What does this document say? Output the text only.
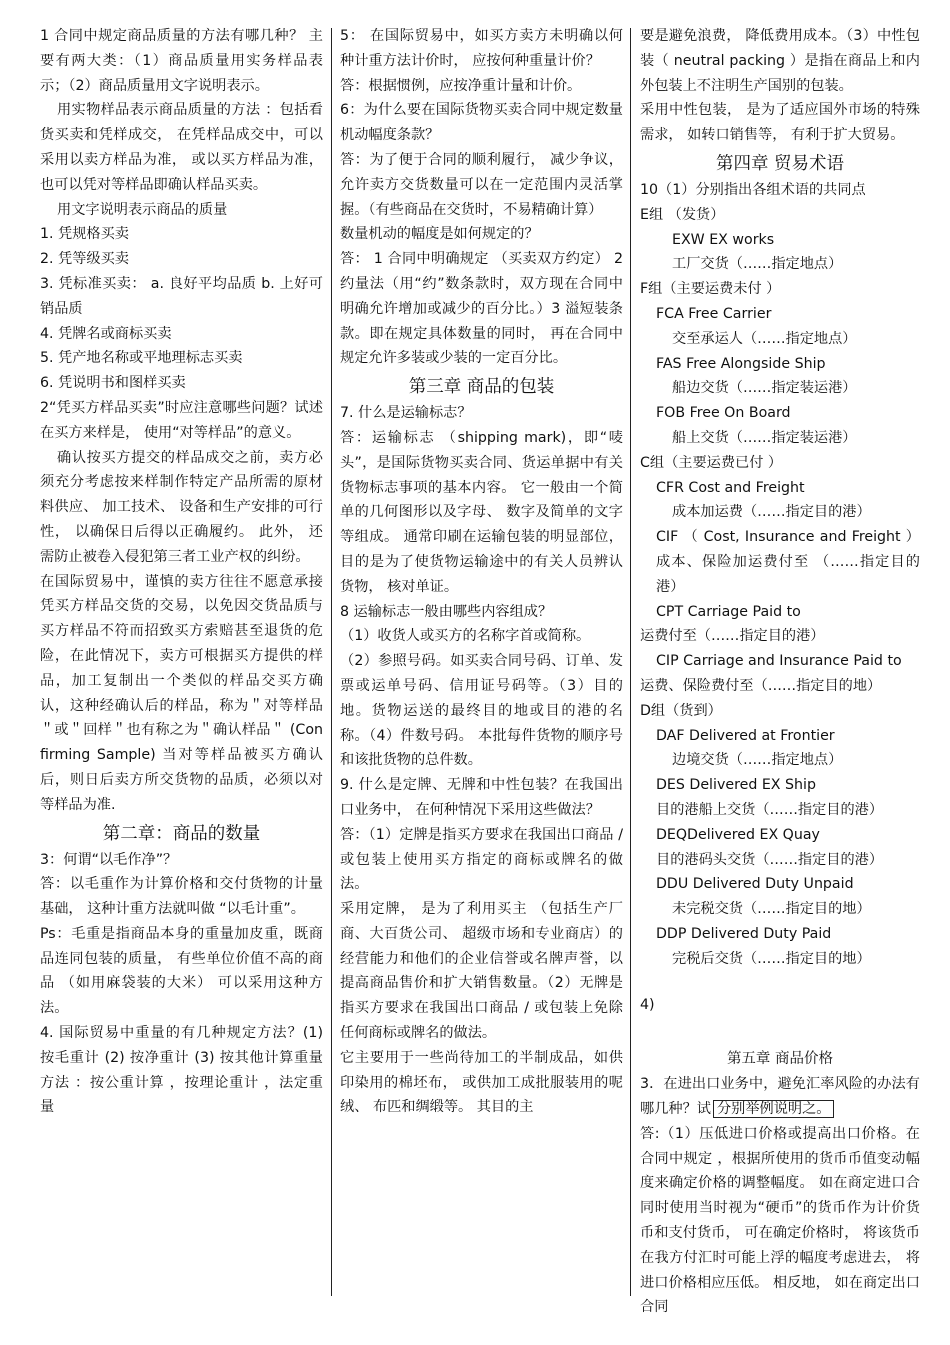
1 合同中规定商品质量的方法有哪几种？ 主要有两大类：（1）商品质量用实务样品表示；（2）商品质量用文字说明表示。

用实物样品表示商品质量的方法 ：包括看货买卖和凭样成交， 在凭样品成交中，可以采用以卖方样品为准， 或以买方样品为准， 也可以凭对等样品即确认样品买卖。

用文字说明表示商品的质量

1. 凭规格买卖

2. 凭等级买卖

3. 凭标准买卖： a. 良好平均品质 b. 上好可销品质

4. 凭牌名或商标买卖

5. 凭产地名称或平地理标志买卖

6. 凭说明书和图样买卖

2“凭买方样品买卖”时应注意哪些问题？试述在买方来样是， 使用“对等样品”的意义。

确认按买方提交的样品成交之前，卖方必须充分考虑按来样制作特定产品所需的原材料供应、 加工技术、 设备和生产安排的可行性， 以确保日后得以正确履约。 此外， 还需防止被卷入侵犯第三者工业产权的纠纷。

在国际贸易中，谨慎的卖方往往不愿意承接凭买方样品交货的交易，以免因交货品质与买方样品不符而招致买方索赔甚至退货的危险，在此情况下，卖方可根据买方提供的样品，加工复制出一个类似的样品交买方确认，这种经确认后的样品，称为＂对等样品＂或＂回样＂也有称之为＂确认样品＂ (Confirming Sample) 当对等样品被买方确认后，则日后卖方所交货物的品质，必须以对等样品为准.

第二章：商品的数量

3：何谓“以毛作净”？

答：以毛重作为计算价格和交付货物的计量基础， 这种计重方法就叫做 “以毛计重”。

Ps：毛重是指商品本身的重量加皮重，既商品连同包装的质量， 有些单位价值不高的商品 （如用麻袋装的大米） 可以采用这种方法。

4. 国际贸易中重量的有几种规定方法？(1) 按毛重计 (2) 按净重计 (3) 按其他计算重量方法 ：按公重计算 ，按理论重计 ，法定重量

5： 在国际贸易中，如买方卖方未明确以何种计重方法计价时， 应按何种重量计价？

答：根据惯例，应按净重计量和计价。

6：为什么要在国际货物买卖合同中规定数量机动幅度条款？

答：为了便于合同的顺利履行， 减少争议，允许卖方交货数量可以在一定范围内灵活掌握。（有些商品在交货时，不易精确计算）

数量机动的幅度是如何规定的？

答： 1 合同中明确规定 （买卖双方约定） 2 约量法（用“约”数条款时，双方现在合同中明确允许增加或减少的百分比。）3 溢短装条款。即在规定具体数量的同时， 再在合同中规定允许多装或少装的一定百分比。

第三章 商品的包装

7. 什么是运输标志？

答：运输标志 （shipping mark)，即“唛头”，是国际货物买卖合同、货运单据中有关货物标志事项的基本内容。 它一般由一个简单的几何图形以及字母、 数字及简单的文字等组成。 通常印刷在运输包装的明显部位， 目的是为了使货物运输途中的有关人员辨认货物， 核对单证。

8 运输标志一般由哪些内容组成？

（1）收货人或买方的名称字首或简称。

（2）参照号码。如买卖合同号码、订单、发票或运单号码、信用证号码等。（3）目的地。货物运送的最终目的地或目的港的名称。（4）件数号码。 本批每件货物的顺序号和该批货物的总件数。

9. 什么是定牌、无牌和中性包装？在我国出口业务中， 在何种情况下采用这些做法？

答：（1）定牌是指买方要求在我国出口商品 / 或包装上使用买方指定的商标或牌名的做法。

采用定牌， 是为了利用买主 （包括生产厂商、大百货公司、 超级市场和专业商店）的经营能力和他们的企业信誉或名牌声誉，以提高商品售价和扩大销售数量。（2）无牌是指买方要求在我国出口商品 / 或包装上免除任何商标或牌名的做法。

它主要用于一些尚待加工的半制成品，如供印染用的棉坯布， 或供加工成批服装用的呢绒、 布匹和绸缎等。 其目的主

要是避免浪费， 降低费用成本。（3）中性包装（ neutral packing ）是指在商品上和内外包装上不注明生产国别的包装。

采用中性包装， 是为了适应国外市场的特殊需求， 如转口销售等， 有利于扩大贸易。

第四章 贸易术语

10（1）分别指出各组术语的共同点

E组 （发货）

EXW EX works

工厂交货（……指定地点）

F组（主要运费未付 ）

FCA Free Carrier

交至承运人（……指定地点）

FAS Free Alongside Ship

船边交货（……指定装运港）

FOB Free On Board

船上交货（……指定装运港）

C组（主要运费已付 ）

CFR Cost and Freight

成本加运费（……指定目的港）

CIF （ Cost, Insurance and Freight ）成本、保险加运费付至 （……指定目的港）

CPT Carriage Paid to

运费付至（……指定目的港）

CIP Carriage and Insurance Paid to

运费、保险费付至（……指定目的地）

D组（货到）

DAF Delivered at Frontier

边境交货（……指定地点）

DES Delivered EX Ship

目的港船上交货（……指定目的港）

DEQDelivered EX Quay

目的港码头交货（……指定目的港）

DDU Delivered Duty Unpaid

未完税交货（……指定目的地）

DDP Delivered Duty Paid

完税后交货（……指定目的地）

4)

第五章 商品价格

3．在进出口业务中，避免汇率风险的办法有哪几种？试 分别举例说明之。

答:（1）压低进口价格或提高出口价格。在合同中规定 ，根据所使用的货币币值变动幅度来确定价格的调整幅度。 如在商定进口合同时使用当时视为“硬币”的货币作为计价货币和支付货币， 可在确定价格时， 将该货币在我方付汇时可能上浮的幅度考虑进去， 将进口价格相应压低。 相反地， 如在商定出口合同
